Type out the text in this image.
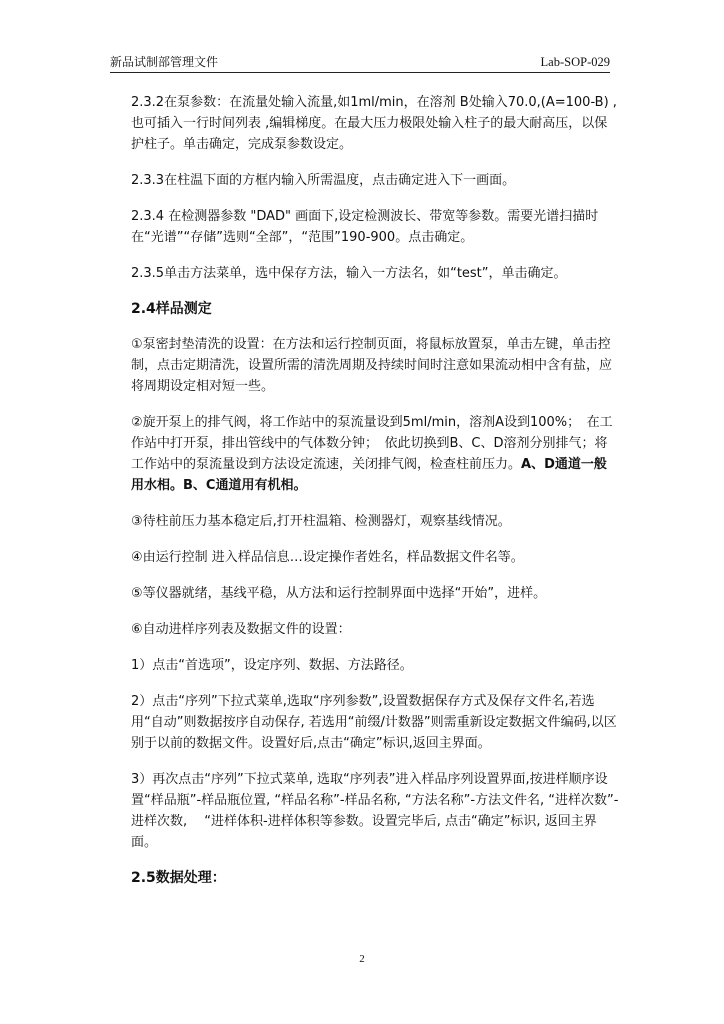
新品试制部管理文件	Lab-SOP-029

2.3.2在泵参数：在流量处输入流量,如1ml/min，在溶剂 B处输入70.0,(A=100-B) ,也可插入一行时间列表 ,编辑梯度。在最大压力极限处输入柱子的最大耐高压，以保护柱子。单击确定，完成泵参数设定。

2.3.3在柱温下面的方框内输入所需温度，点击确定进入下一画面。

2.3.4 在检测器参数 "DAD" 画面下,设定检测波长、带宽等参数。需要光谱扫描时在“光谱”“存储”选则“全部”，“范围”190-900。点击确定。

2.3.5单击方法菜单，选中保存方法，输入一方法名，如“test”，单击确定。

2.4样品测定

①泵密封垫清洗的设置：在方法和运行控制页面，将鼠标放置泵，单击左键，单击控制，点击定期清洗，设置所需的清洗周期及持续时间时注意如果流动相中含有盐，应将周期设定相对短一些。

②旋开泵上的排气阀，将工作站中的泵流量设到5ml/min，溶剂A设到100%；　在工作站中打开泵，排出管线中的气体数分钟；　依此切换到B、C、D溶剂分别排气；将工作站中的泵流量设到方法设定流速，关闭排气阀，检查柱前压力。A、D通道一般用水相。B、C通道用有机相。

③待柱前压力基本稳定后,打开柱温箱、检测器灯，观察基线情况。

④由运行控制 进入样品信息…设定操作者姓名，样品数据文件名等。

⑤等仪器就绪，基线平稳，从方法和运行控制界面中选择“开始”，进样。

⑥自动进样序列表及数据文件的设置：

1）点击“首选项”，设定序列、数据、方法路径。

2）点击“序列”下拉式菜单,选取“序列参数”,设置数据保存方式及保存文件名,若选用“自动”则数据按序自动保存, 若选用“前缀/计数器”则需重新设定数据文件编码,以区别于以前的数据文件。设置好后,点击“确定”标识,返回主界面。

3）再次点击“序列”下拉式菜单, 选取“序列表”进入样品序列设置界面,按进样顺序设置“样品瓶”-样品瓶位置, “样品名称”-样品名称, “方法名称”-方法文件名, “进样次数”-进样次数,　 “进样体积-进样体积等参数。设置完毕后, 点击“确定”标识, 返回主界面。

2.5数据处理：

2
